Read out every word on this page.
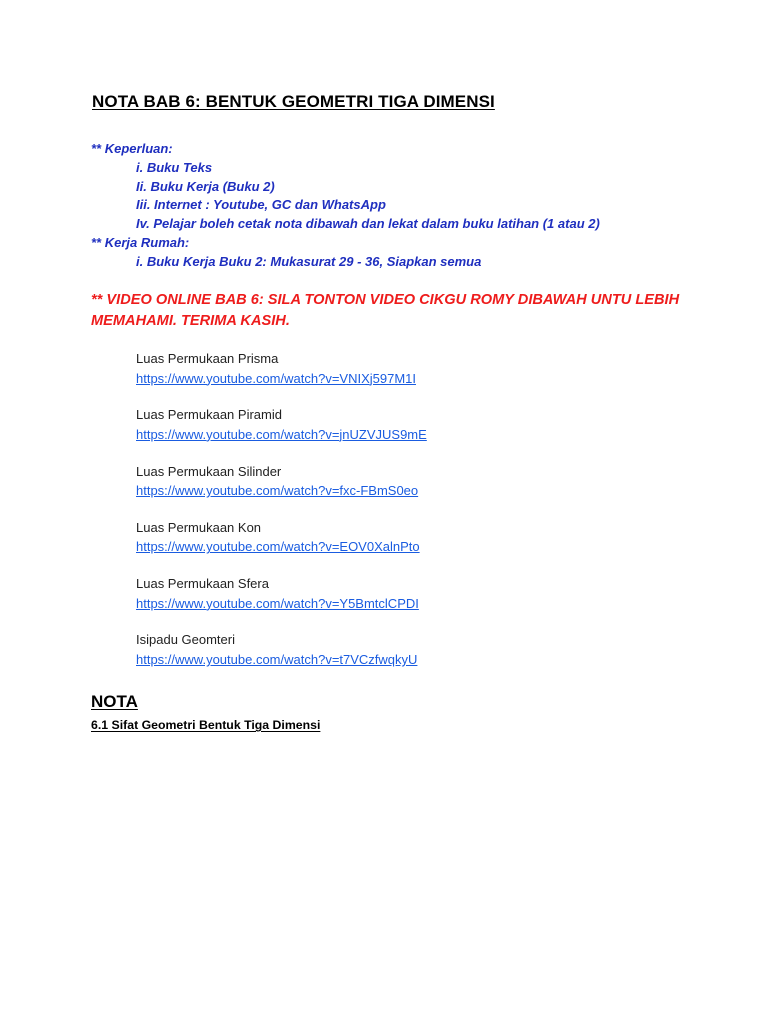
NOTA BAB 6: BENTUK GEOMETRI TIGA DIMENSI
** Keperluan:
i. Buku Teks
Ii. Buku Kerja (Buku 2)
Iii. Internet : Youtube, GC dan WhatsApp
Iv. Pelajar boleh cetak nota dibawah dan lekat dalam buku latihan (1 atau 2)
** Kerja Rumah:
i. Buku Kerja Buku 2: Mukasurat 29 - 36, Siapkan semua
** VIDEO ONLINE BAB 6: SILA TONTON VIDEO CIKGU ROMY DIBAWAH UNTU LEBIH MEMAHAMI. TERIMA KASIH.
Luas Permukaan Prisma
https://www.youtube.com/watch?v=VNIXj597M1I
Luas Permukaan Piramid
https://www.youtube.com/watch?v=jnUZVJUS9mE
Luas Permukaan Silinder
https://www.youtube.com/watch?v=fxc-FBmS0eo
Luas Permukaan Kon
https://www.youtube.com/watch?v=EOV0XalnPto
Luas Permukaan Sfera
https://www.youtube.com/watch?v=Y5BmtclCPDI
Isipadu Geomteri
https://www.youtube.com/watch?v=t7VCzfwqkyU
NOTA
6.1 Sifat Geometri Bentuk Tiga Dimensi
